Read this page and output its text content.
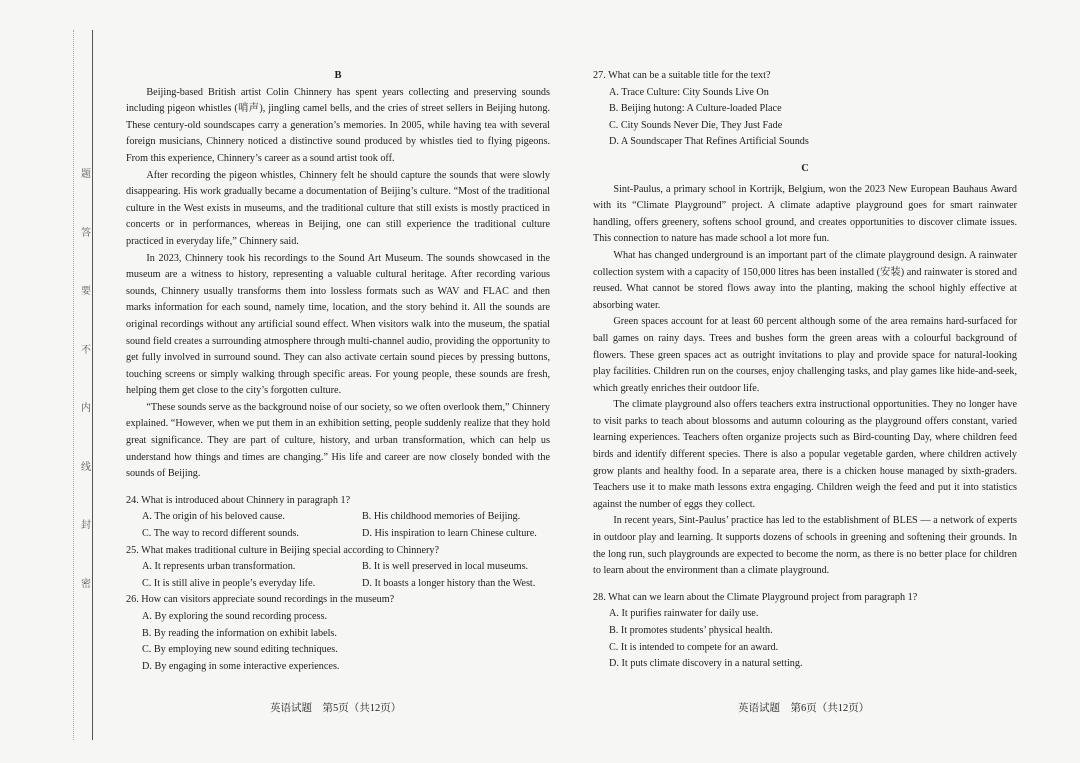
题
答
要
不
内
线
封
密

B

Beijing-based British artist Colin Chinnery has spent years collecting and preserving sounds including pigeon whistles (哨声), jingling camel bells, and the cries of street sellers in Beijing hutong. These century-old soundscapes carry a generation’s memories. In 2005, while having tea with several foreign musicians, Chinnery noticed a distinctive sound produced by whistles tied to flying pigeons. From this experience, Chinnery’s career as a sound artist took off.

After recording the pigeon whistles, Chinnery felt he should capture the sounds that were slowly disappearing. His work gradually became a documentation of Beijing’s culture. “Most of the traditional culture in the West exists in museums, and the traditional culture that still exists is mostly practiced in concerts or in performances, whereas in Beijing, one can still experience the traditional culture practiced in everyday life,” Chinnery said.

In 2023, Chinnery took his recordings to the Sound Art Museum. The sounds showcased in the museum are a witness to history, representing a valuable cultural heritage. After recording various sounds, Chinnery usually transforms them into lossless formats such as WAV and FLAC and then marks information for each sound, namely time, location, and the story behind it. All the sounds are original recordings without any artificial sound effect. When visitors walk into the museum, the spatial sound field creates a surrounding atmosphere through multi-channel audio, providing the opportunity to get fully involved in surround sound. They can also activate certain sound pieces by pressing buttons, touching screens or simply walking through specific areas. For young people, these sounds are fresh, helping them get close to the city’s forgotten culture.

“These sounds serve as the background noise of our society, so we often overlook them,” Chinnery explained. “However, when we put them in an exhibition setting, people suddenly realize that they hold great significance. They are part of culture, history, and urban transformation, which can help us understand how things and times are changing.” His life and career are now closely bonded with the sounds of Beijing.

24. What is introduced about Chinnery in paragraph 1?

A. The origin of his beloved cause.	B. His childhood memories of Beijing.

C. The way to record different sounds.	D. His inspiration to learn Chinese culture.

25. What makes traditional culture in Beijing special according to Chinnery?

A. It represents urban transformation.	B. It is well preserved in local museums.

C. It is still alive in people’s everyday life.	D. It boasts a longer history than the West.

26. How can visitors appreciate sound recordings in the museum?

A. By exploring the sound recording process.

B. By reading the information on exhibit labels.

C. By employing new sound editing techniques.

D. By engaging in some interactive experiences.

27. What can be a suitable title for the text?

A. Trace Culture: City Sounds Live On

B. Beijing hutong: A Culture-loaded Place

C. City Sounds Never Die, They Just Fade

D. A Soundscaper That Refines Artificial Sounds

C

Sint-Paulus, a primary school in Kortrijk, Belgium, won the 2023 New European Bauhaus Award with its “Climate Playground” project. A climate adaptive playground goes for smart rainwater handling, offers greenery, softens school ground, and creates opportunities to discover climate issues. This connection to nature has made school a lot more fun.

What has changed underground is an important part of the climate playground design. A rainwater collection system with a capacity of 150,000 litres has been installed (安装) and rainwater is stored and reused. What cannot be stored flows away into the planting, making the school highly effective at absorbing water.

Green spaces account for at least 60 percent although some of the area remains hard-surfaced for ball games on rainy days. Trees and bushes form the green areas with a colourful background of flowers. These green spaces act as outright invitations to play and provide space for natural-looking play facilities. Children run on the courses, enjoy challenging tasks, and play games like hide-and-seek, which greatly enriches their outdoor life.

The climate playground also offers teachers extra instructional opportunities. They no longer have to visit parks to teach about blossoms and autumn colouring as the playground offers constant, varied learning experiences. Teachers often organize projects such as Bird-counting Day, where children feed birds and identify different species. There is also a popular vegetable garden, where children actively grow plants and healthy food. In a separate area, there is a chicken house managed by sixth-graders. Teachers use it to make math lessons extra engaging. Children weigh the feed and put it into statistics against the number of eggs they collect.

In recent years, Sint-Paulus’ practice has led to the establishment of BLES — a network of experts in outdoor play and learning. It supports dozens of schools in greening and softening their grounds. In the long run, such playgrounds are expected to become the norm, as there is no better place for children to learn about the environment than a climate playground.

28. What can we learn about the Climate Playground project from paragraph 1?

A. It purifies rainwater for daily use.

B. It promotes students’ physical health.

C. It is intended to compete for an award.

D. It puts climate discovery in a natural setting.

英语试题　第5页（共12页）	英语试题　第6页（共12页）
